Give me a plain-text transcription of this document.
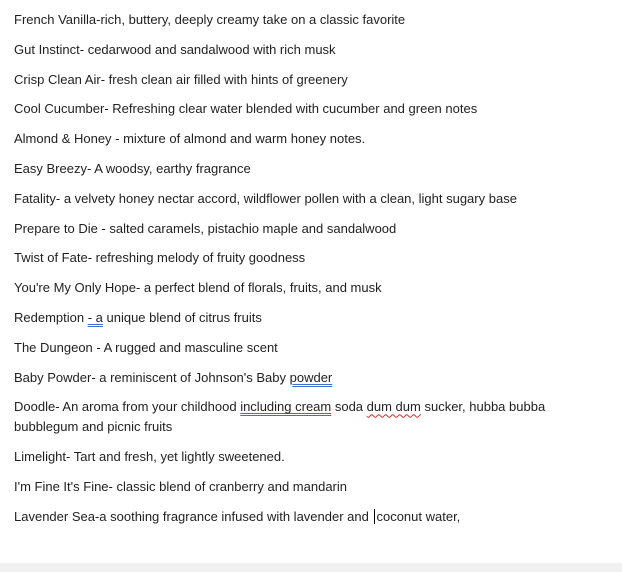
French Vanilla-rich, buttery, deeply creamy take on a classic favorite

Gut Instinct- cedarwood and sandalwood with rich musk

Crisp Clean Air- fresh clean air filled with hints of greenery

Cool Cucumber- Refreshing clear water blended with cucumber and green notes

Almond & Honey - mixture of almond and warm honey notes.

Easy Breezy- A woodsy, earthy fragrance

Fatality- a velvety honey nectar accord, wildflower pollen with a clean, light sugary base

Prepare to Die - salted caramels, pistachio maple and sandalwood

Twist of Fate- refreshing melody of fruity goodness

You're My Only Hope- a perfect blend of florals, fruits, and musk

Redemption - a unique blend of citrus fruits

The Dungeon - A rugged and masculine scent

Baby Powder- a reminiscent of Johnson's Baby powder

Doodle- An aroma from your childhood including cream soda dum dum sucker, hubba bubba bubblegum and picnic fruits

Limelight- Tart and fresh, yet lightly sweetened.

I'm Fine It's Fine- classic blend of cranberry and mandarin

Lavender Sea-a soothing fragrance infused with lavender and coconut water,
